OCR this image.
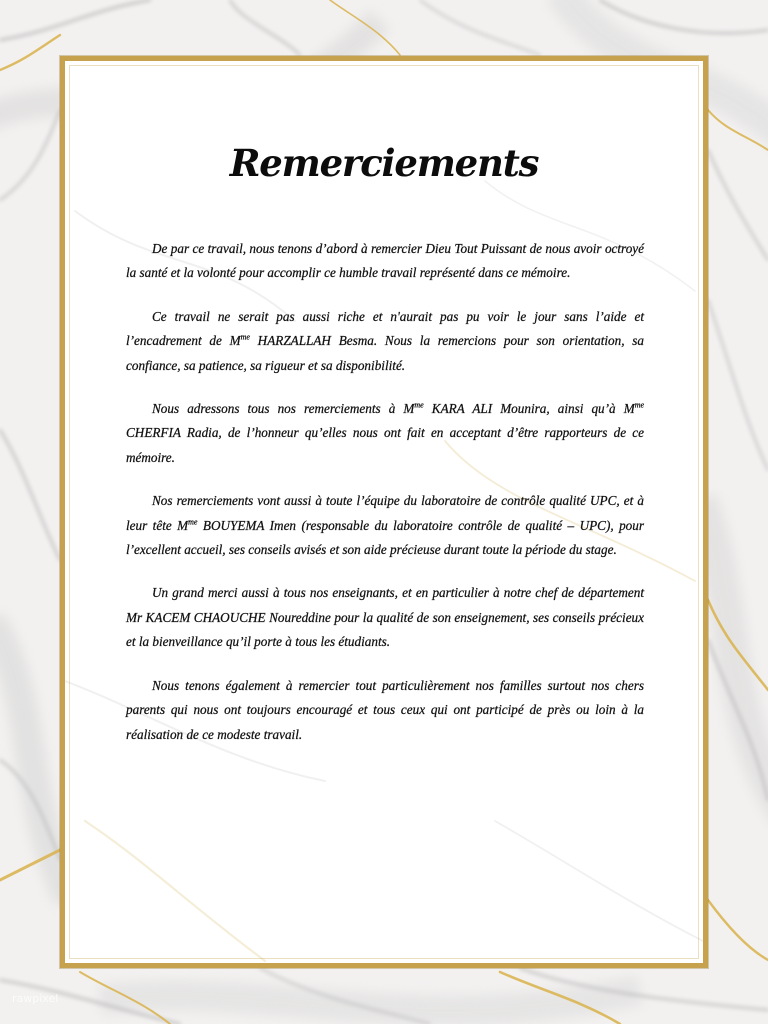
Remerciements

De par ce travail, nous tenons d’abord à remercier Dieu Tout Puissant de nous avoir octroyé la santé et la volonté pour accomplir ce humble travail représenté dans ce mémoire.

Ce travail ne serait pas aussi riche et n'aurait pas pu voir le jour sans l’aide et l’encadrement de $M^{me}$ HARZALLAH Besma. Nous la remercions pour son orientation, sa confiance, sa patience, sa rigueur et sa disponibilité.

Nous adressons tous nos remerciements à $M^{me}$ KARA ALI Mounira, ainsi qu’à $M^{me}$ CHERFIA Radia, de l’honneur qu’elles nous ont fait en acceptant d’être rapporteurs de ce mémoire.

Nos remerciements vont aussi à toute l’équipe du laboratoire de contrôle qualité UPC, et à leur tête $M^{me}$ BOUYEMA Imen (responsable du laboratoire contrôle de qualité – UPC), pour l’excellent accueil, ses conseils avisés et son aide précieuse durant toute la période du stage.

Un grand merci aussi à tous nos enseignants, et en particulier à notre chef de département Mr KACEM CHAOUCHE Noureddine pour la qualité de son enseignement, ses conseils précieux et la bienveillance qu’il porte à tous les étudiants.

Nous tenons également à remercier tout particulièrement nos familles surtout nos chers parents qui nous ont toujours encouragé et tous ceux qui ont participé de près ou loin à la réalisation de ce modeste travail.

rawpixel
